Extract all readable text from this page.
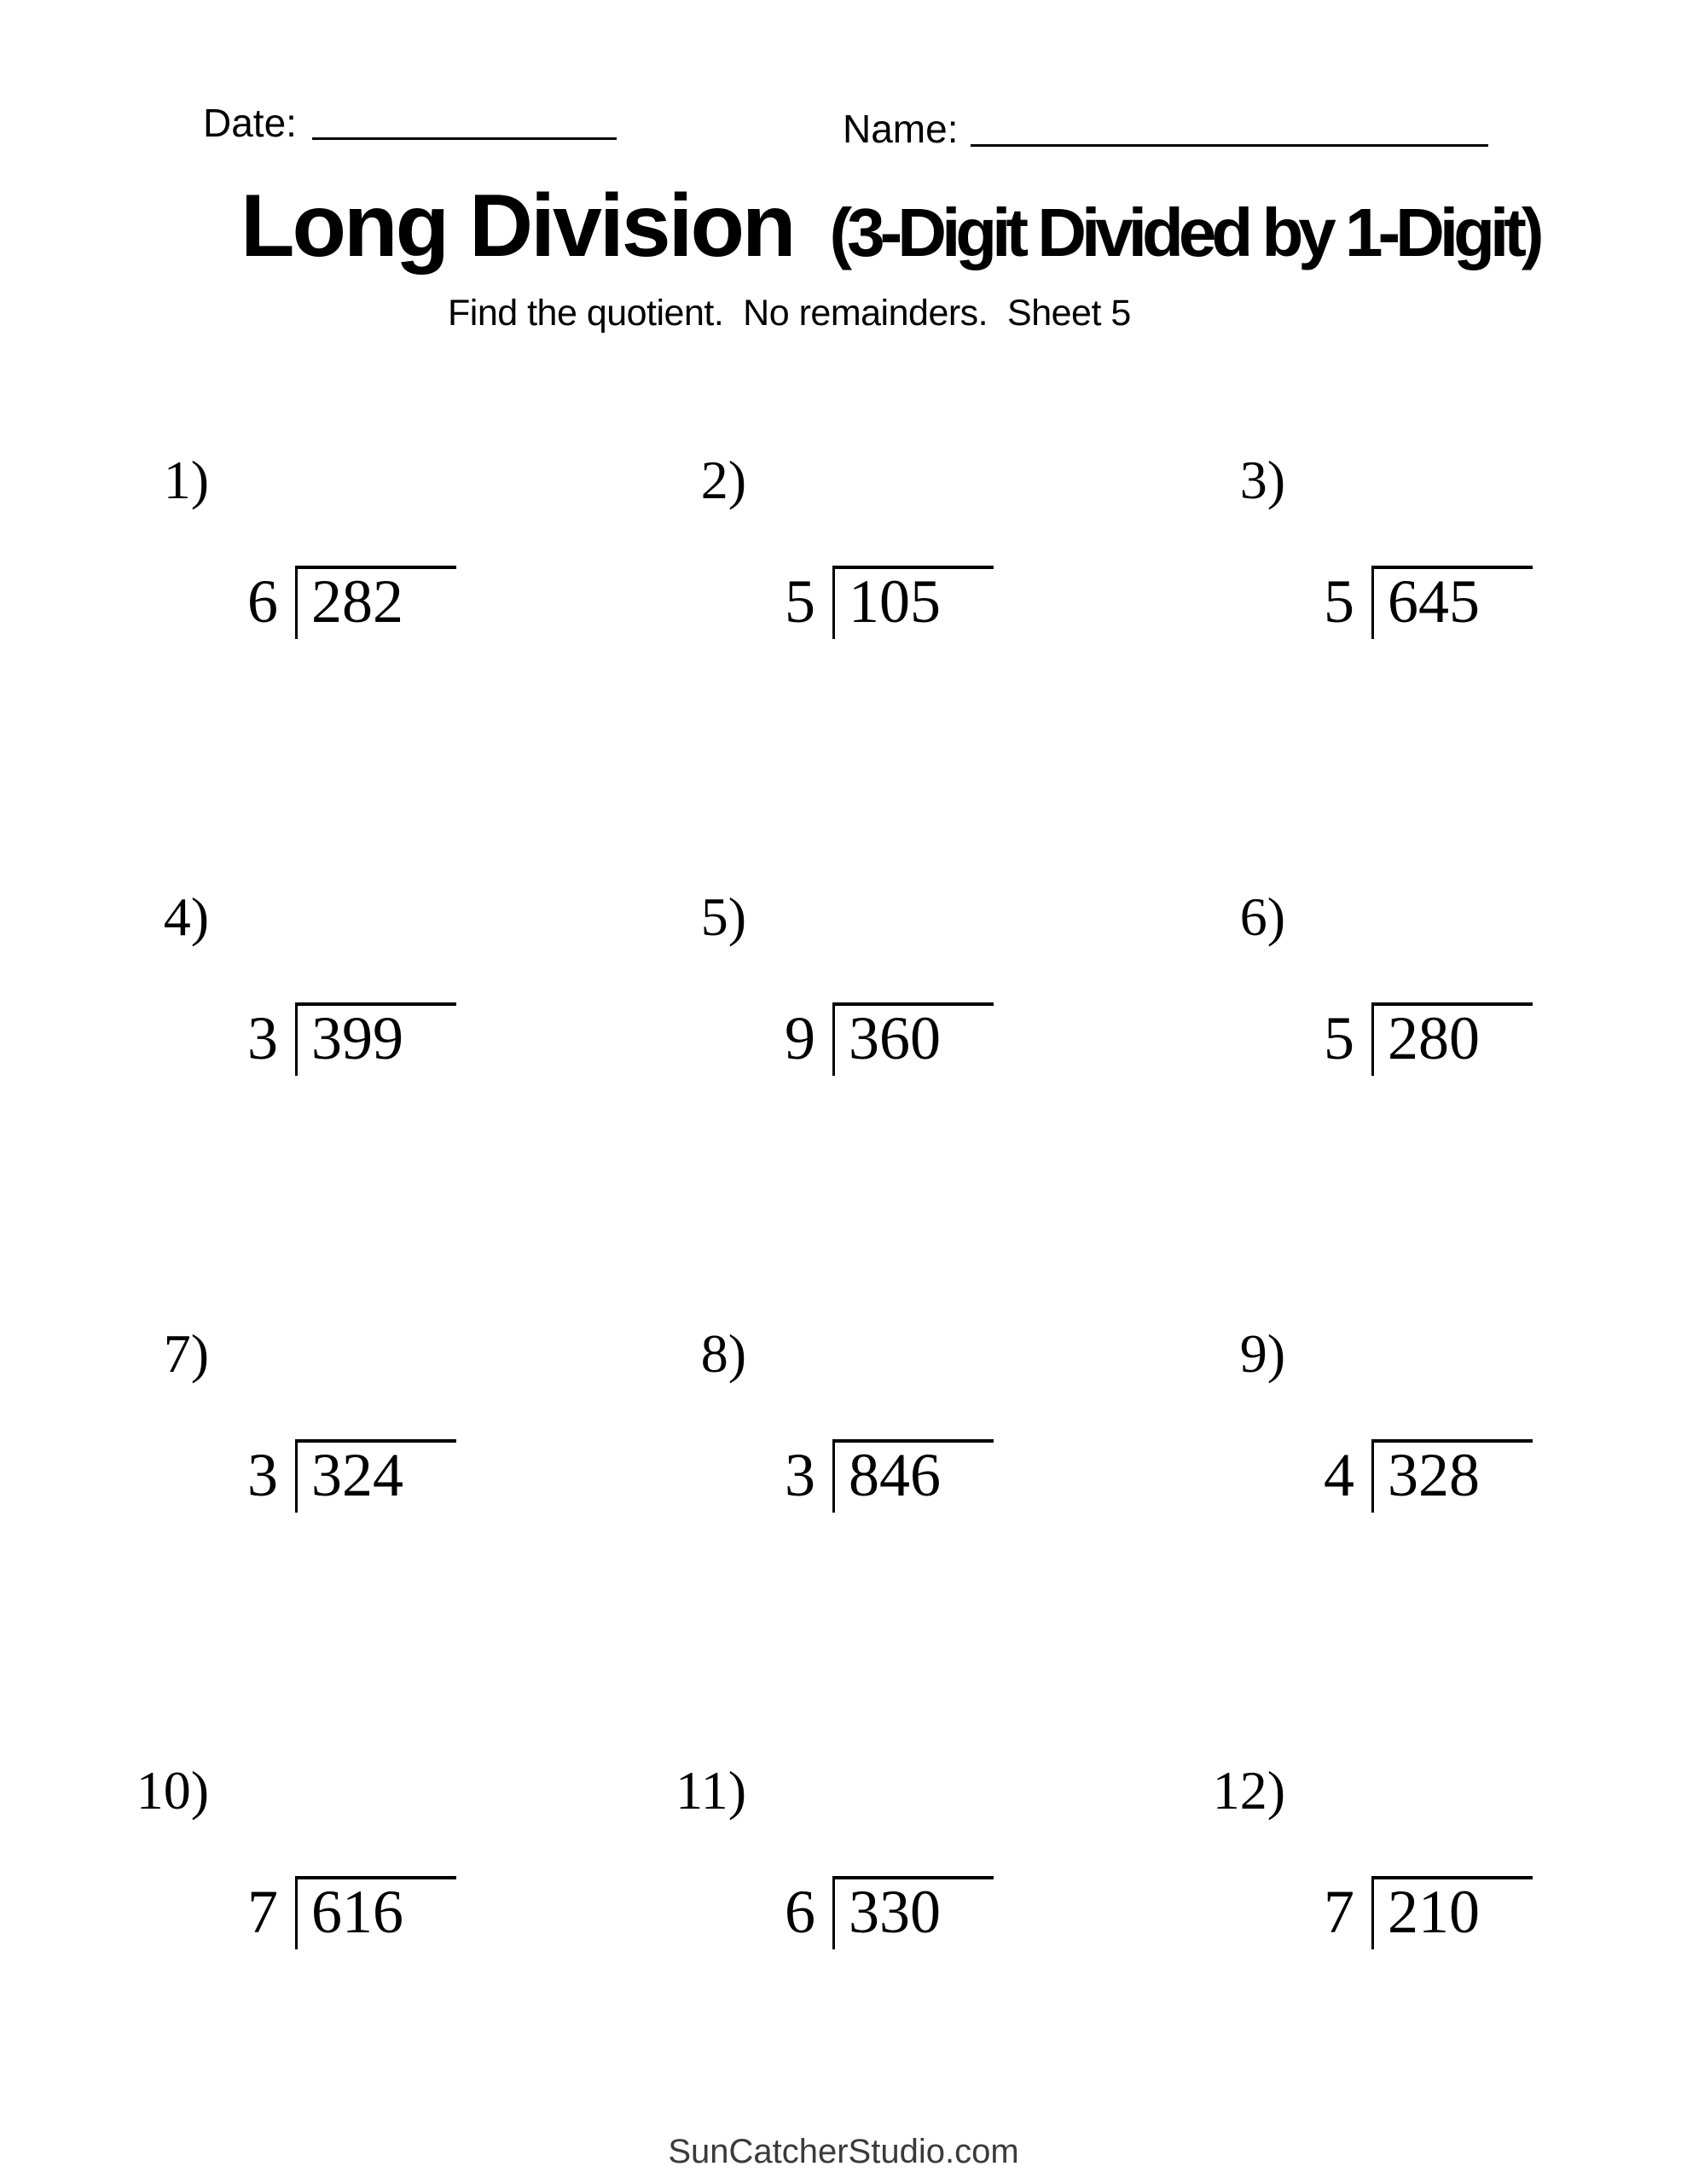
Date:	Name:
Long Division (3-Digit Divided by 1-Digit)
Find the quotient.  No remainders.  Sheet 5
1)
6 282
2)
5 105
3)
5 645
4)
3 399
5)
9 360
6)
5 280
7)
3 324
8)
3 846
9)
4 328
10)
7 616
11)
6 330
12)
7 210
SunCatcherStudio.com
